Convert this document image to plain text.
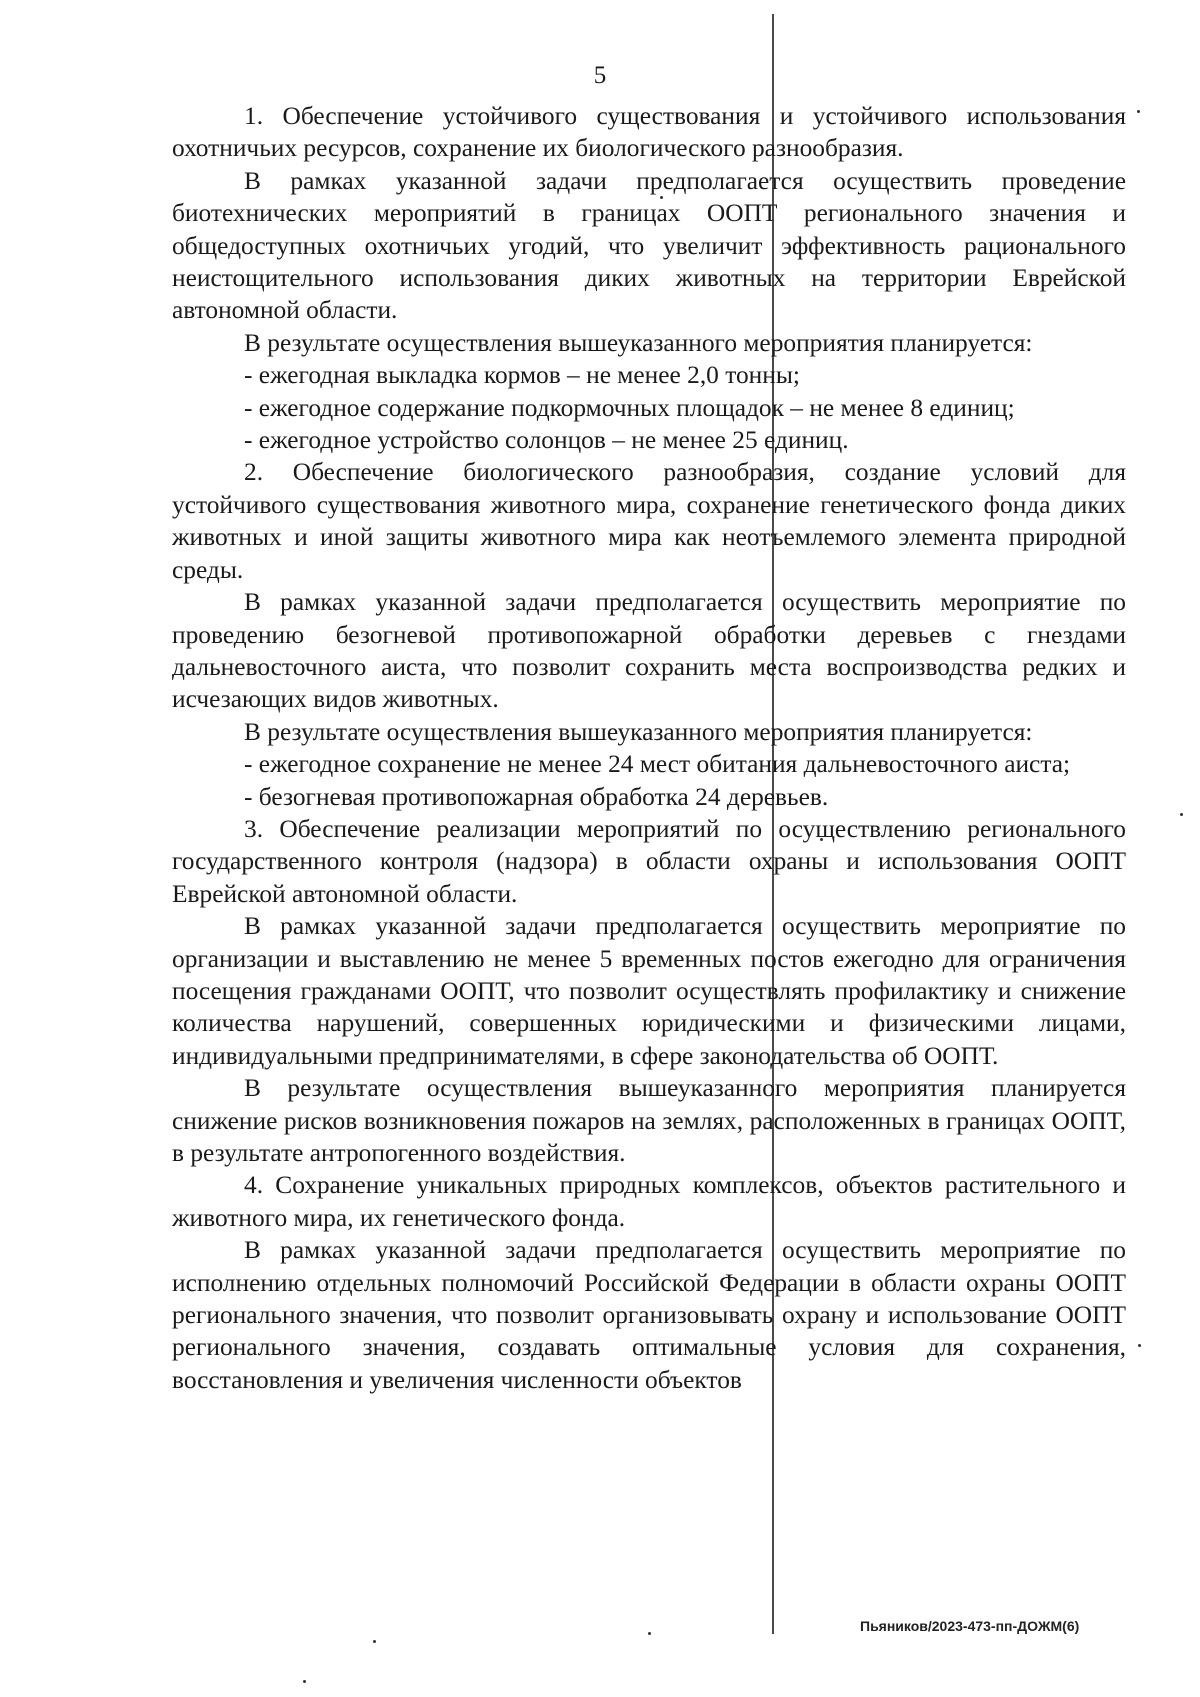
5

1. Обеспечение устойчивого существования и устойчивого использования охотничьих ресурсов, сохранение их биологического разнообразия.

В рамках указанной задачи предполагается осуществить проведение биотехнических мероприятий в границах ООПТ регионального значения и общедоступных охотничьих угодий, что увеличит эффективность рационального неистощительного использования диких животных на территории Еврейской автономной области.

В результате осуществления вышеуказанного мероприятия планируется:

- ежегодная выкладка кормов – не менее 2,0 тонны;

- ежегодное содержание подкормочных площадок – не менее 8 единиц;

- ежегодное устройство солонцов – не менее 25 единиц.

2. Обеспечение биологического разнообразия, создание условий для устойчивого существования животного мира, сохранение генетического фонда диких животных и иной защиты животного мира как неотъемлемого элемента природной среды.

В рамках указанной задачи предполагается осуществить мероприятие по проведению безогневой противопожарной обработки деревьев с гнездами дальневосточного аиста, что позволит сохранить места воспроизводства редких и исчезающих видов животных.

В результате осуществления вышеуказанного мероприятия планируется:

- ежегодное сохранение не менее 24 мест обитания дальневосточного аиста;

- безогневая противопожарная обработка 24 деревьев.

3. Обеспечение реализации мероприятий по осуществлению регионального государственного контроля (надзора) в области охраны и использования ООПТ Еврейской автономной области.

В рамках указанной задачи предполагается осуществить мероприятие по организации и выставлению не менее 5 временных постов ежегодно для ограничения посещения гражданами ООПТ, что позволит осуществлять профилактику и снижение количества нарушений, совершенных юридическими и физическими лицами, индивидуальными предпринимателями, в сфере законодательства об ООПТ.

В результате осуществления вышеуказанного мероприятия планируется снижение рисков возникновения пожаров на землях, расположенных в границах ООПТ, в результате антропогенного воздействия.

4. Сохранение уникальных природных комплексов, объектов растительного и животного мира, их генетического фонда.

В рамках указанной задачи предполагается осуществить мероприятие по исполнению отдельных полномочий Российской Федерации в области охраны ООПТ регионального значения, что позволит организовывать охрану и использование ООПТ регионального значения, создавать оптимальные условия для сохранения, восстановления и увеличения численности объектов

Пьяников/2023-473-пп-ДОЖМ(6)
